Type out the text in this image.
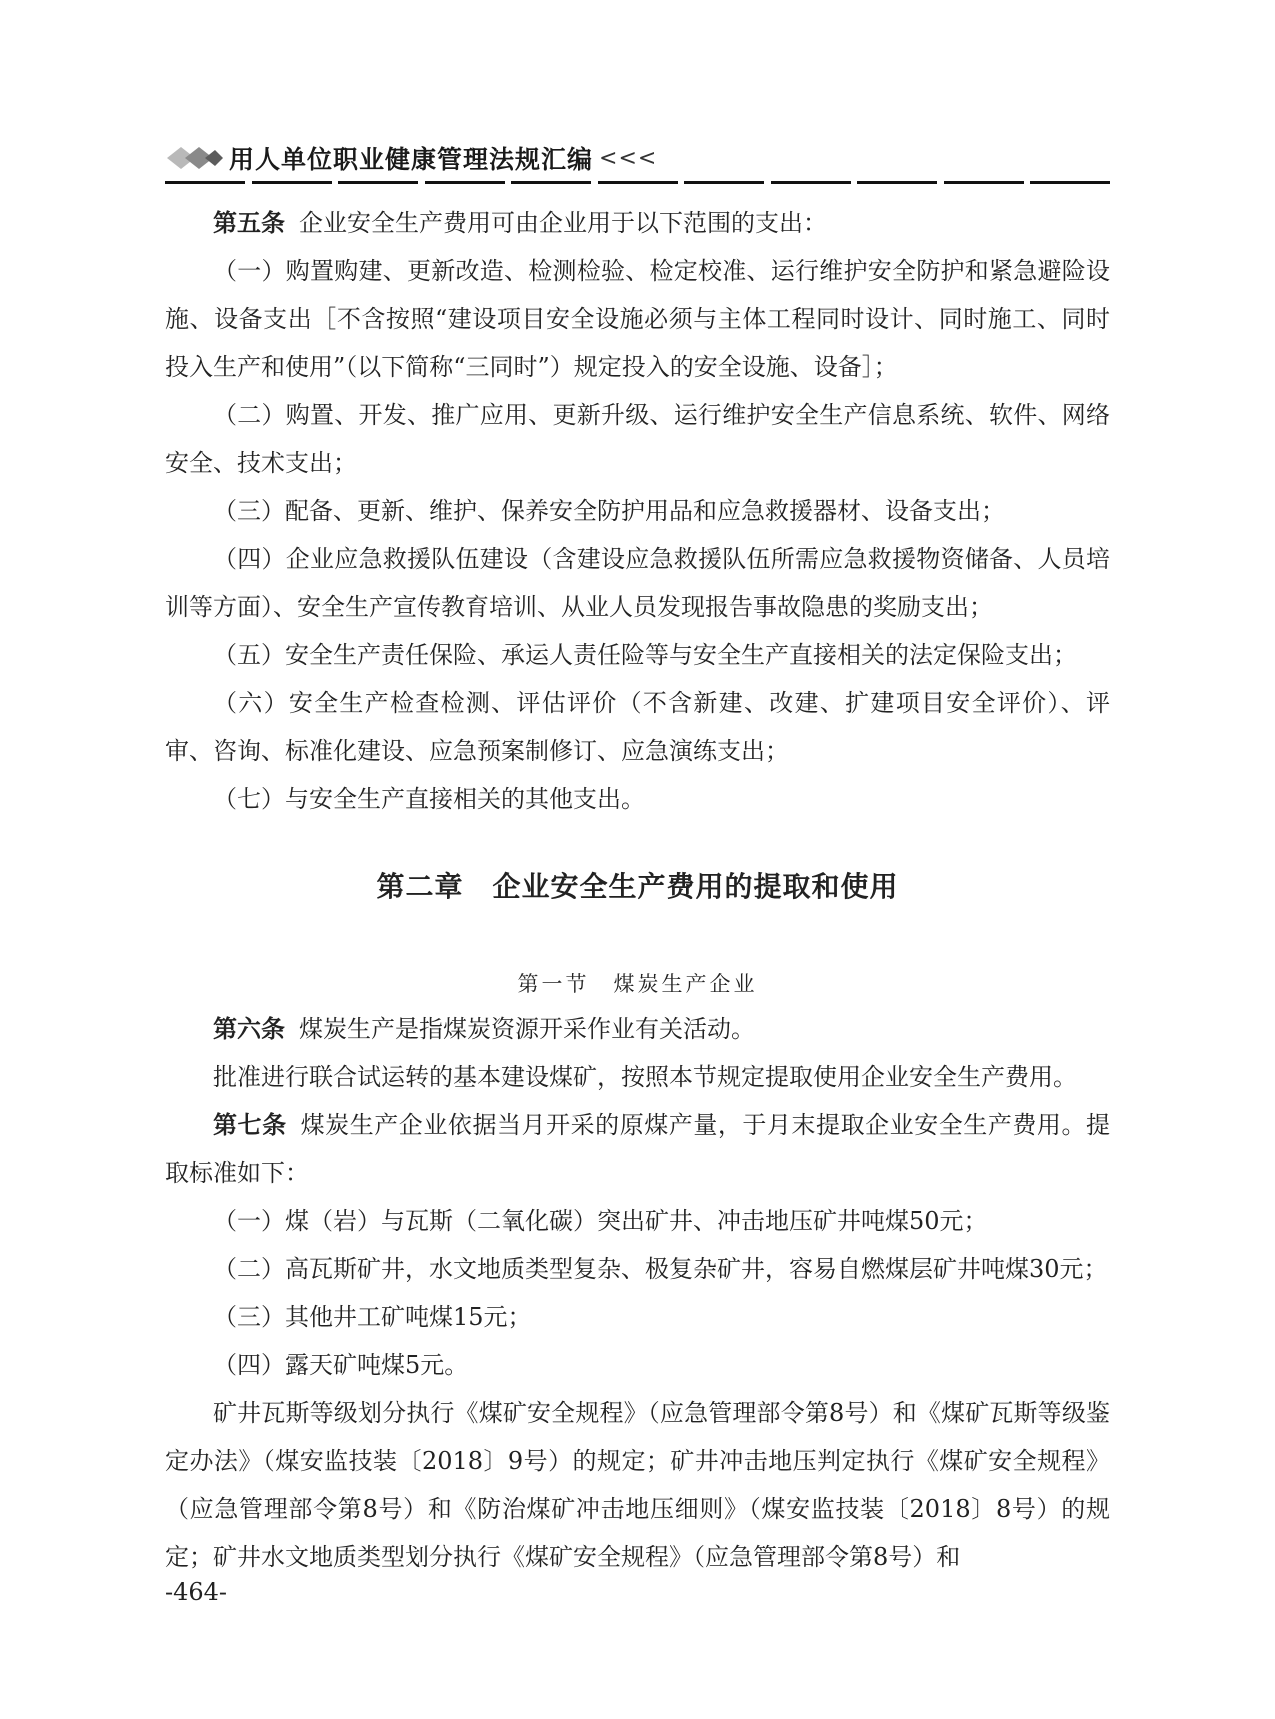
用人单位职业健康管理法规汇编 <<<

第五条 企业安全生产费用可由企业用于以下范围的支出：

（一）购置购建、更新改造、检测检验、检定校准、运行维护安全防护和紧急避险设施、设备支出［不含按照“建设项目安全设施必须与主体工程同时设计、同时施工、同时投入生产和使用”（以下简称“三同时”）规定投入的安全设施、设备］；

（二）购置、开发、推广应用、更新升级、运行维护安全生产信息系统、软件、网络安全、技术支出；

（三）配备、更新、维护、保养安全防护用品和应急救援器材、设备支出；

（四）企业应急救援队伍建设（含建设应急救援队伍所需应急救援物资储备、人员培训等方面）、安全生产宣传教育培训、从业人员发现报告事故隐患的奖励支出；

（五）安全生产责任保险、承运人责任险等与安全生产直接相关的法定保险支出；

（六）安全生产检查检测、评估评价（不含新建、改建、扩建项目安全评价）、评审、咨询、标准化建设、应急预案制修订、应急演练支出；

（七）与安全生产直接相关的其他支出。

第二章　企业安全生产费用的提取和使用
第一节　煤炭生产企业

第六条 煤炭生产是指煤炭资源开采作业有关活动。

批准进行联合试运转的基本建设煤矿，按照本节规定提取使用企业安全生产费用。

第七条 煤炭生产企业依据当月开采的原煤产量，于月末提取企业安全生产费用。提取标准如下：

（一）煤（岩）与瓦斯（二氧化碳）突出矿井、冲击地压矿井吨煤50元；

（二）高瓦斯矿井，水文地质类型复杂、极复杂矿井，容易自燃煤层矿井吨煤30元；

（三）其他井工矿吨煤15元；

（四）露天矿吨煤5元。

矿井瓦斯等级划分执行《煤矿安全规程》（应急管理部令第8号）和《煤矿瓦斯等级鉴定办法》（煤安监技装〔2018〕9号）的规定；矿井冲击地压判定执行《煤矿安全规程》（应急管理部令第8号）和《防治煤矿冲击地压细则》（煤安监技装〔2018〕8号）的规定；矿井水文地质类型划分执行《煤矿安全规程》（应急管理部令第8号）和

-464-
